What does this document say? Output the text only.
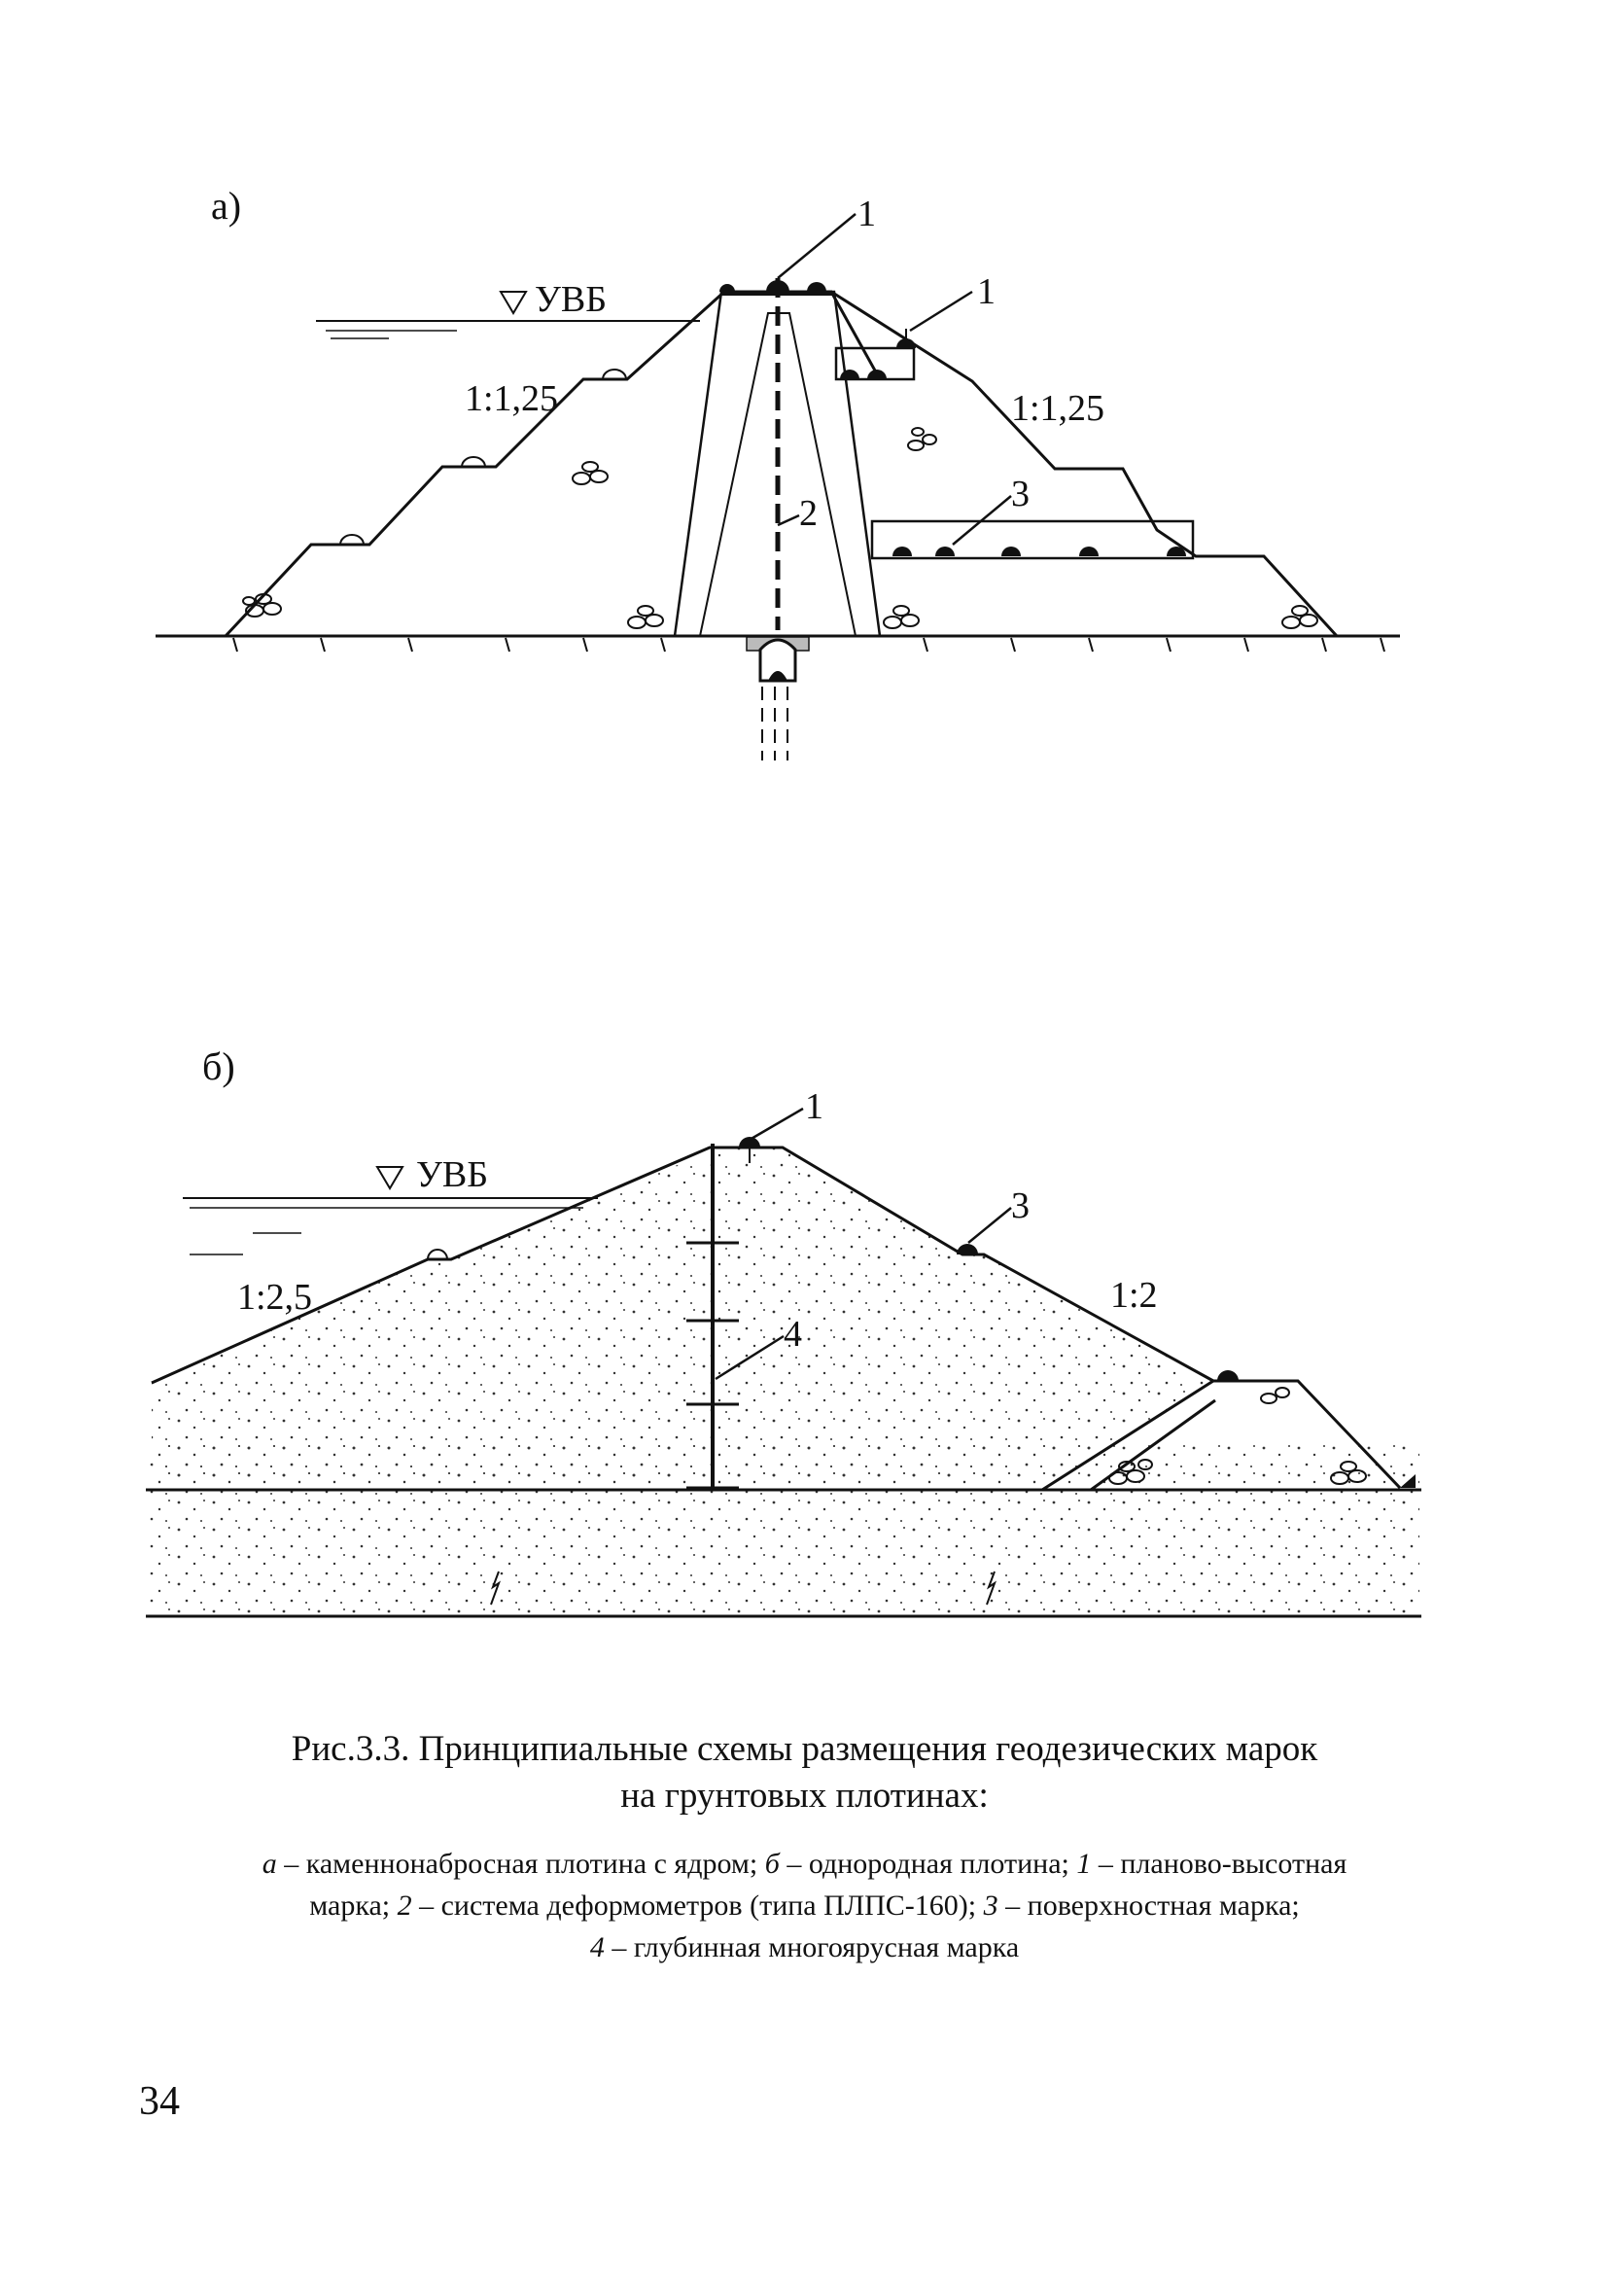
а)
УВБ
1:1,25	1:1,25
1
1
2	3
б)
УВБ
1:2,5	1:2
1
3
4
Рис.3.3. Принципиальные схемы размещения геодезических марок
на грунтовых плотинах:
а – каменнонабросная плотина с ядром; б – однородная плотина; 1 – планово-высотная
марка; 2 – система деформометров (типа ПЛПС-160); 3 – поверхностная марка;
4 – глубинная многоярусная марка
34
